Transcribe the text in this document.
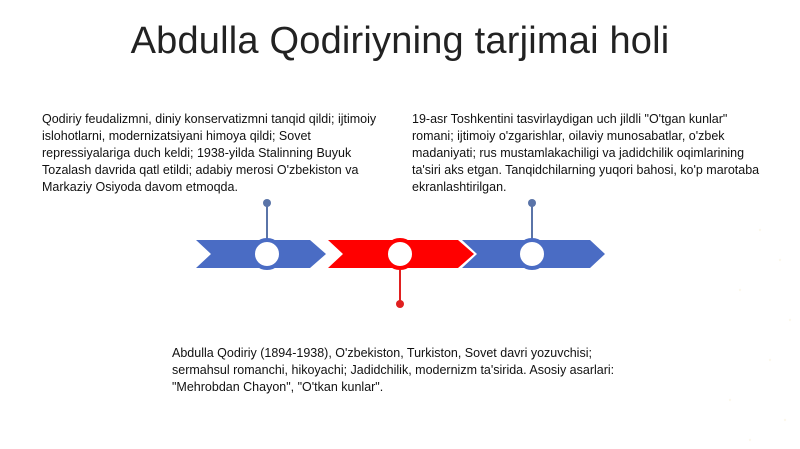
Abdulla Qodiriyning tarjimai holi
Qodiriy feudalizmni, diniy konservatizmni tanqid qildi; ijtimoiy islohotlarni, modernizatsiyani himoya qildi; Sovet repressiyalariga duch keldi; 1938-yilda Stalinning Buyuk Tozalash davrida qatl etildi; adabiy merosi O'zbekiston va Markaziy Osiyoda davom etmoqda.
19-asr Toshkentini tasvirlaydigan uch jildli "O'tgan kunlar" romani; ijtimoiy o'zgarishlar, oilaviy munosabatlar, o'zbek madaniyati; rus mustamlakachiligi va jadidchilik oqimlarining ta'siri aks etgan. Tanqidchilarning yuqori bahosi, ko'p marotaba ekranlashtirilgan.
Abdulla Qodiriy (1894-1938), O'zbekiston, Turkiston, Sovet davri yozuvchisi; sermahsul romanchi, hikoyachi; Jadidchilik, modernizm ta'sirida. Asosiy asarlari: "Mehrobdan Chayon", "O'tkan kunlar".
